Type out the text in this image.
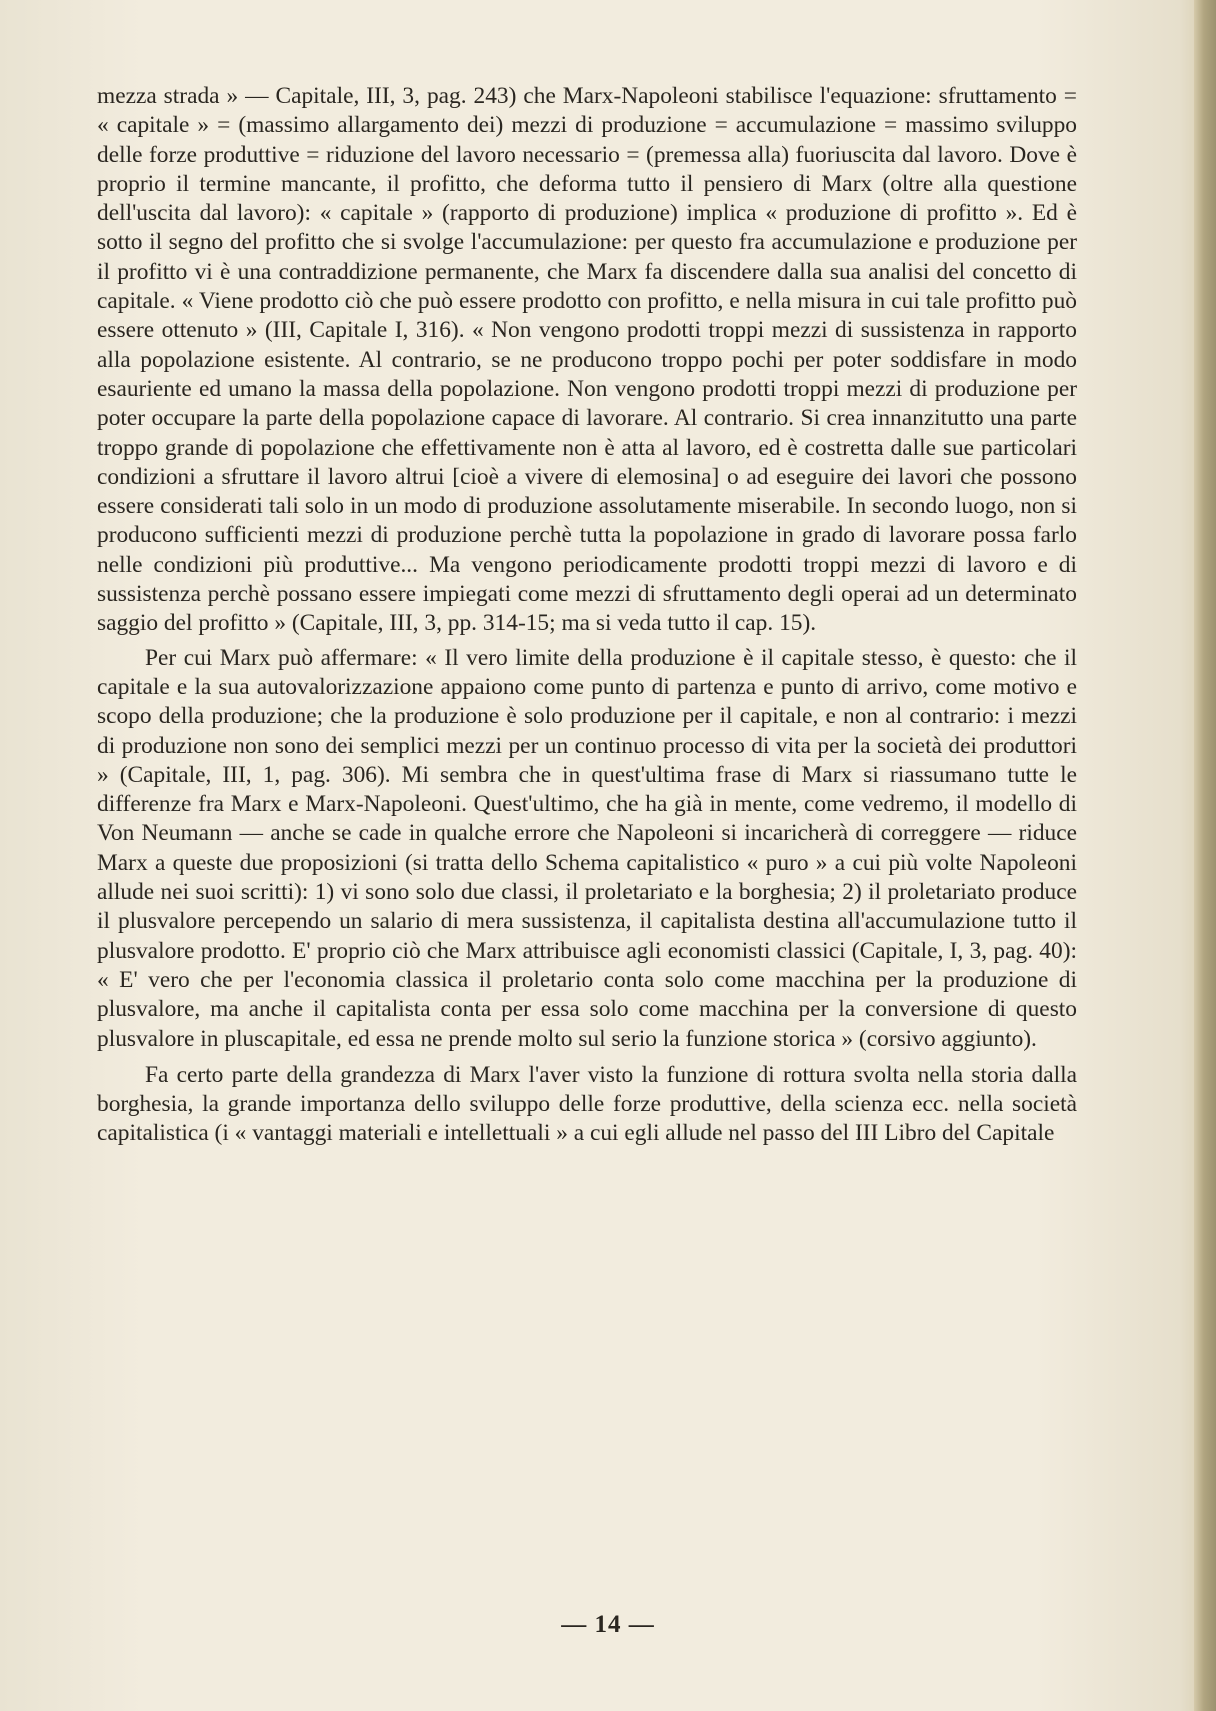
mezza strada » — Capitale, III, 3, pag. 243) che Marx-Napoleoni stabilisce l'equazione: sfruttamento = « capitale » = (massimo allargamento dei) mezzi di produzione = accumulazione = massimo sviluppo delle forze produttive = riduzione del lavoro necessario = (premessa alla) fuoriuscita dal lavoro. Dove è proprio il termine mancante, il profitto, che deforma tutto il pensiero di Marx (oltre alla questione dell'uscita dal lavoro): « capitale » (rapporto di produzione) implica « produzione di profitto ». Ed è sotto il segno del profitto che si svolge l'accumulazione: per questo fra accumulazione e produzione per il profitto vi è una contraddizione permanente, che Marx fa discendere dalla sua analisi del concetto di capitale. « Viene prodotto ciò che può essere prodotto con profitto, e nella misura in cui tale profitto può essere ottenuto » (III, Capitale I, 316). « Non vengono prodotti troppi mezzi di sussistenza in rapporto alla popolazione esistente. Al contrario, se ne producono troppo pochi per poter soddisfare in modo esauriente ed umano la massa della popolazione. Non vengono prodotti troppi mezzi di produzione per poter occupare la parte della popolazione capace di lavorare. Al contrario. Si crea innanzitutto una parte troppo grande di popolazione che effettivamente non è atta al lavoro, ed è costretta dalle sue particolari condizioni a sfruttare il lavoro altrui [cioè a vivere di elemosina] o ad eseguire dei lavori che possono essere considerati tali solo in un modo di produzione assolutamente miserabile. In secondo luogo, non si producono sufficienti mezzi di produzione perchè tutta la popolazione in grado di lavorare possa farlo nelle condizioni più produttive... Ma vengono periodicamente prodotti troppi mezzi di lavoro e di sussistenza perchè possano essere impiegati come mezzi di sfruttamento degli operai ad un determinato saggio del profitto » (Capitale, III, 3, pp. 314-15; ma si veda tutto il cap. 15).

Per cui Marx può affermare: « Il vero limite della produzione è il capitale stesso, è questo: che il capitale e la sua autovalorizzazione appaiono come punto di partenza e punto di arrivo, come motivo e scopo della produzione; che la produzione è solo produzione per il capitale, e non al contrario: i mezzi di produzione non sono dei semplici mezzi per un continuo processo di vita per la società dei produttori » (Capitale, III, 1, pag. 306). Mi sembra che in quest'ultima frase di Marx si riassumano tutte le differenze fra Marx e Marx-Napoleoni. Quest'ultimo, che ha già in mente, come vedremo, il modello di Von Neumann — anche se cade in qualche errore che Napoleoni si incaricherà di correggere — riduce Marx a queste due proposizioni (si tratta dello Schema capitalistico « puro » a cui più volte Napoleoni allude nei suoi scritti): 1) vi sono solo due classi, il proletariato e la borghesia; 2) il proletariato produce il plusvalore percependo un salario di mera sussistenza, il capitalista destina all'accumulazione tutto il plusvalore prodotto. E' proprio ciò che Marx attribuisce agli economisti classici (Capitale, I, 3, pag. 40): « E' vero che per l'economia classica il proletario conta solo come macchina per la produzione di plusvalore, ma anche il capitalista conta per essa solo come macchina per la conversione di questo plusvalore in pluscapitale, ed essa ne prende molto sul serio la funzione storica » (corsivo aggiunto).

Fa certo parte della grandezza di Marx l'aver visto la funzione di rottura svolta nella storia dalla borghesia, la grande importanza dello sviluppo delle forze produttive, della scienza ecc. nella società capitalistica (i « vantaggi materiali e intellettuali » a cui egli allude nel passo del III Libro del Capitale

— 14 —
